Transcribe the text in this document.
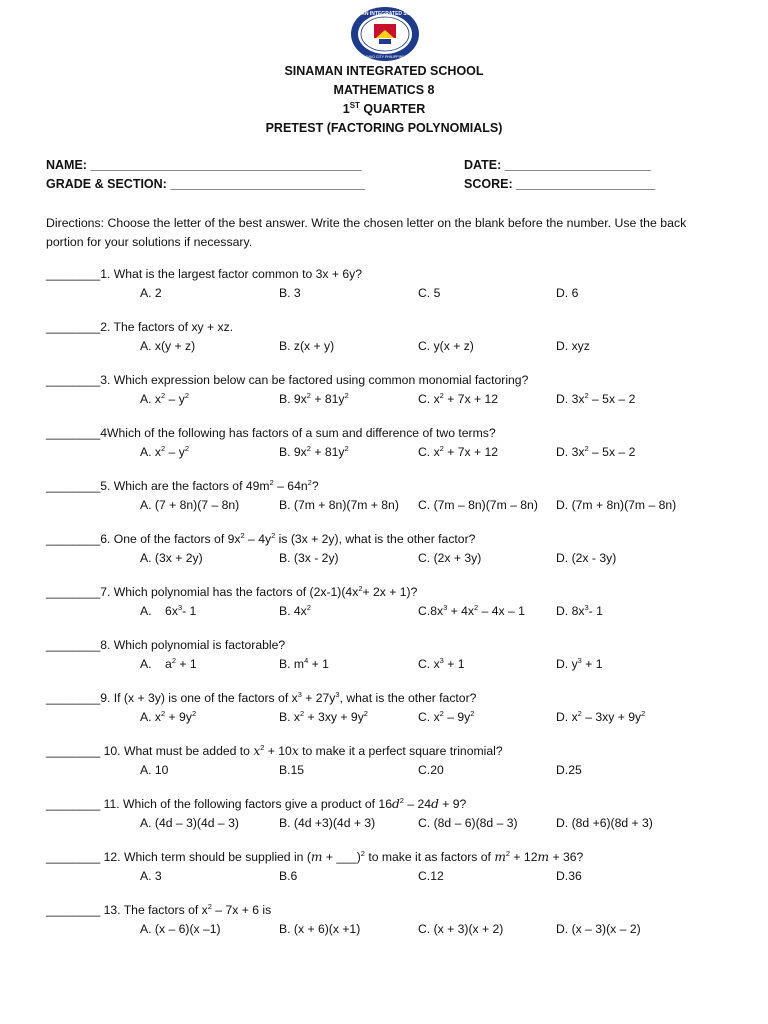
SINAMAN INTEGRATED SCHOOL
DAVAO CITY PHILIPPINES
SINAMAN INTEGRATED SCHOOL
MATHEMATICS 8
1ST QUARTER
PRETEST (FACTORING POLYNOMIALS)
NAME: _______________________________________	DATE: _____________________
GRADE & SECTION: ____________________________	SCORE: ____________________
Directions: Choose the letter of the best answer. Write the chosen letter on the blank before the number. Use the back portion for your solutions if necessary.
________1. What is the largest factor common to 3x + 6y?
A. 2	B. 3	C. 5	D. 6
________2. The factors of xy + xz.
A. x(y + z)	B. z(x + y)	C. y(x + z)	D. xyz
________3. Which expression below can be factored using common monomial factoring?
A. $x^2 - y^2$	B. $9x^2 + 81y^2$	C. $x^2 + 7x + 12$	D. $3x^2 - 5x - 2$
________4Which of the following has factors of a sum and difference of two terms?
A. $x^2 - y^2$	B. $9x^2 + 81y^2$	C. $x^2 + 7x + 12$	D. $3x^2 - 5x - 2$
________5. Which are the factors of $49m^2 - 64n^2$?
A. (7 + 8n)(7 – 8n)	B. (7m + 8n)(7m + 8n) C. (7m – 8n)(7m – 8n) D. (7m + 8n)(7m – 8n)
________6. One of the factors of $9x^2 - 4y^2$ is (3x + 2y), what is the other factor?
A. (3x + 2y)	B. (3x - 2y)	C. (2x + 3y)	D. (2x - 3y)
________7. Which polynomial has the factors of $(2x-1)(4x^2+ 2x + 1)$?
A.    $6x^3-$ 1	B. $4x^2$	$C.8x^3 + 4x^2 - 4x - 1$	D. $8x^3-$ 1
________8. Which polynomial is factorable?
A.    $a^2 + 1$	B. $m^4 + 1$	C. $x^3 + 1$	D. $y^3 + 1$
________9. If (x + 3y) is one of the factors of $x^3 + 27y^3$, what is the other factor?
A. $x^2 + 9y^2$	B. $x^2 + 3xy + 9y^2$	C. $x^2 - 9y^2$	D. $x^2 - 3xy + 9y^2$
________ 10. What must be added to $x^2 + 10x$ to make it a perfect square trinomial?
A. 10	B.15	C.20	D.25
________ 11. Which of the following factors give a product of $16d^2 - 24d + 9$?
A. (4d – 3)(4d – 3)	B. (4d +3)(4d + 3)	C. (8d – 6)(8d – 3)	D. (8d +6)(8d + 3)
________ 12. Which term should be supplied in (m + ___)$^2$ to make it as factors of $m^2 + 12m + 36$?
A. 3	B.6	C.12	D.36
________ 13. The factors of $x^2 - 7x + 6$ is
A. (x – 6)(x –1)	B. (x + 6)(x +1)	C. (x + 3)(x + 2)	D. (x – 3)(x – 2)
